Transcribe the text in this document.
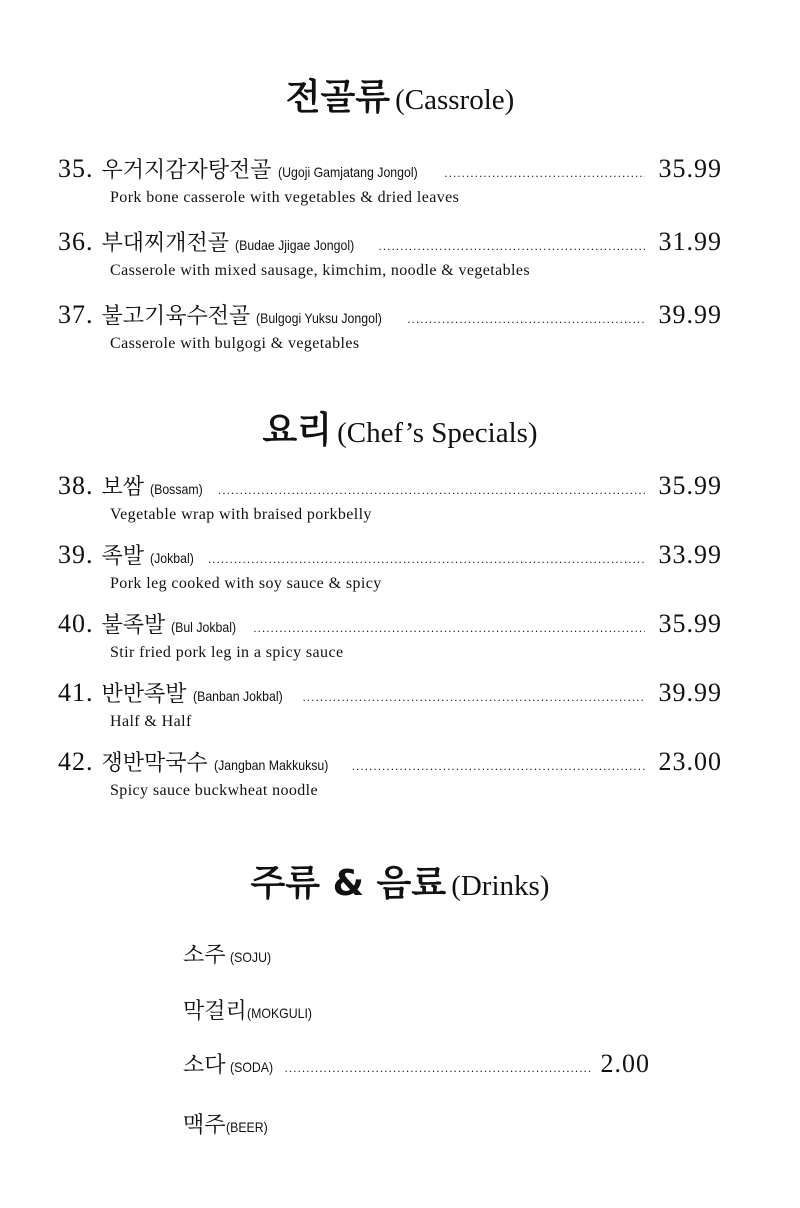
전골류 (Cassrole)
35. 우거지감자탕전골 (Ugoji Gamjatang Jongol) .....	35.99
Pork bone casserole with vegetables & dried leaves
36. 부대찌개전골 (Budae Jjigae Jongol) .....	31.99
Casserole with mixed sausage, kimchim, noodle & vegetables
37. 불고기육수전골 (Bulgogi Yuksu Jongol) .....	39.99
Casserole with bulgogi & vegetables
요리 (Chef’s Specials)
38. 보쌈 (Bossam) .....	35.99
Vegetable wrap with braised porkbelly
39. 족발 (Jokbal) .....	33.99
Pork leg cooked with soy sauce & spicy
40. 불족발 (Bul Jokbal) .....	35.99
Stir fried pork leg in a spicy sauce
41. 반반족발 (Banban Jokbal) .....	39.99
Half & Half
42. 쟁반막국수 (Jangban Makkuksu) .....	23.00
Spicy sauce buckwheat noodle
주류 & 음료 (Drinks)
소주 (SOJU)
막걸리 (MOKGULI)
소다 (SODA) .....	2.00
맥주 (BEER)
